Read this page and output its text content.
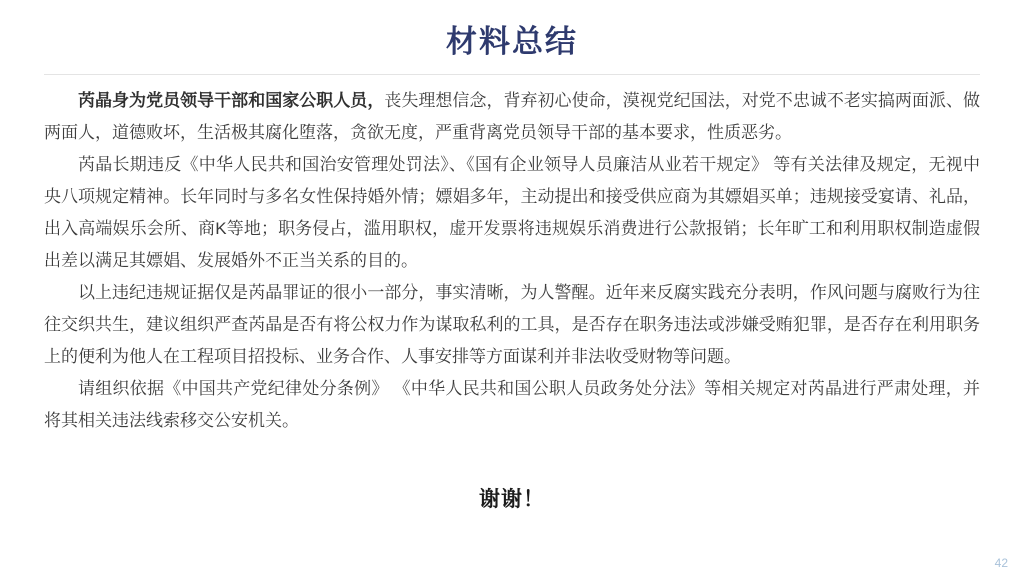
材料总结

芮晶身为党员领导干部和国家公职人员，丧失理想信念，背弃初心使命，漠视党纪国法，对党不忠诚不老实搞两面派、做两面人，道德败坏，生活极其腐化堕落，贪欲无度，严重背离党员领导干部的基本要求，性质恶劣。

芮晶长期违反《中华人民共和国治安管理处罚法》、《国有企业领导人员廉洁从业若干规定》 等有关法律及规定，无视中央八项规定精神。长年同时与多名女性保持婚外情；嫖娼多年，主动提出和接受供应商为其嫖娼买单；违规接受宴请、礼品，出入高端娱乐会所、商K等地；职务侵占，滥用职权，虚开发票将违规娱乐消费进行公款报销；长年旷工和利用职权制造虚假出差以满足其嫖娼、发展婚外不正当关系的目的。

以上违纪违规证据仅是芮晶罪证的很小一部分，事实清晰，为人警醒。近年来反腐实践充分表明，作风问题与腐败行为往往交织共生，建议组织严查芮晶是否有将公权力作为谋取私利的工具，是否存在职务违法或涉嫌受贿犯罪，是否存在利用职务上的便利为他人在工程项目招投标、业务合作、人事安排等方面谋利并非法收受财物等问题。

请组织依据《中国共产党纪律处分条例》 《中华人民共和国公职人员政务处分法》等相关规定对芮晶进行严肃处理，并将其相关违法线索移交公安机关。

谢谢！
42
